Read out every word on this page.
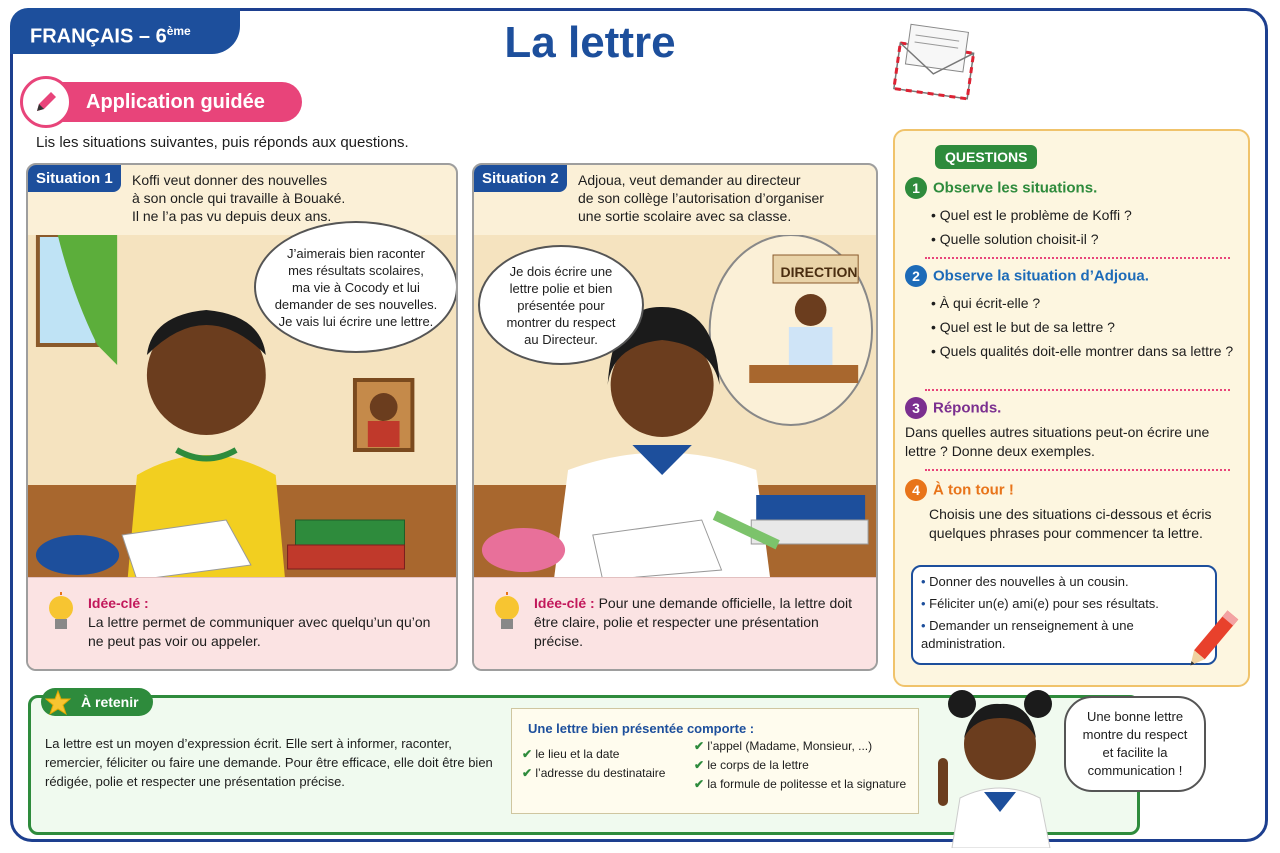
FRANÇAIS – 6ème	La lettre
Application guidée
Lis les situations suivantes, puis réponds aux questions.
Situation 1	Koffi veut donner des nouvelles
à son oncle qui travaille à Bouaké.
Il ne l’a pas vu depuis deux ans.
J’aimerais bien raconter
mes résultats scolaires,
ma vie à Cocody et lui
demander de ses nouvelles.
Je vais lui écrire une lettre.
Idée-clé :
La lettre permet de communiquer avec quelqu’un qu’on ne peut pas voir ou appeler.
Situation 2	Adjoua, veut demander au directeur
de son collège l’autorisation d’organiser
une sortie scolaire avec sa classe.
DIRECTION
Je dois écrire une
lettre polie et bien
présentée pour
montrer du respect
au Directeur.
Idée-clé : Pour une demande officielle, la lettre doit être claire, polie et respecter une présentation précise.
QUESTIONS
1 Observe les situations.
• Quel est le problème de Koffi ?
• Quelle solution choisit-il ?
2 Observe la situation d’Adjoua.
• À qui écrit-elle ?
• Quel est le but de sa lettre ?
• Quels qualités doit-elle montrer dans sa lettre ?
3 Réponds.

Dans quelles autres situations peut-on écrire une lettre ? Donne deux exemples.

4 À ton tour !

Choisis une des situations ci-dessous et écris quelques phrases pour commencer ta lettre.

• Donner des nouvelles à un cousin.
• Féliciter un(e) ami(e) pour ses résultats.
• Demander un renseignement à une administration.
À retenir
La lettre est un moyen d’expression écrit. Elle sert à informer, raconter, remercier, féliciter ou faire une demande. Pour être efficace, elle doit être bien rédigée, polie et respecter une présentation précise.
Une lettre bien présentée comporte :
✔ le lieu et la date
✔ l’adresse du destinataire
✔ l’appel (Madame, Monsieur, ...)
✔ le corps de la lettre
✔ la formule de politesse et la signature
Une bonne lettre
montre du respect
et facilite la
communication !
